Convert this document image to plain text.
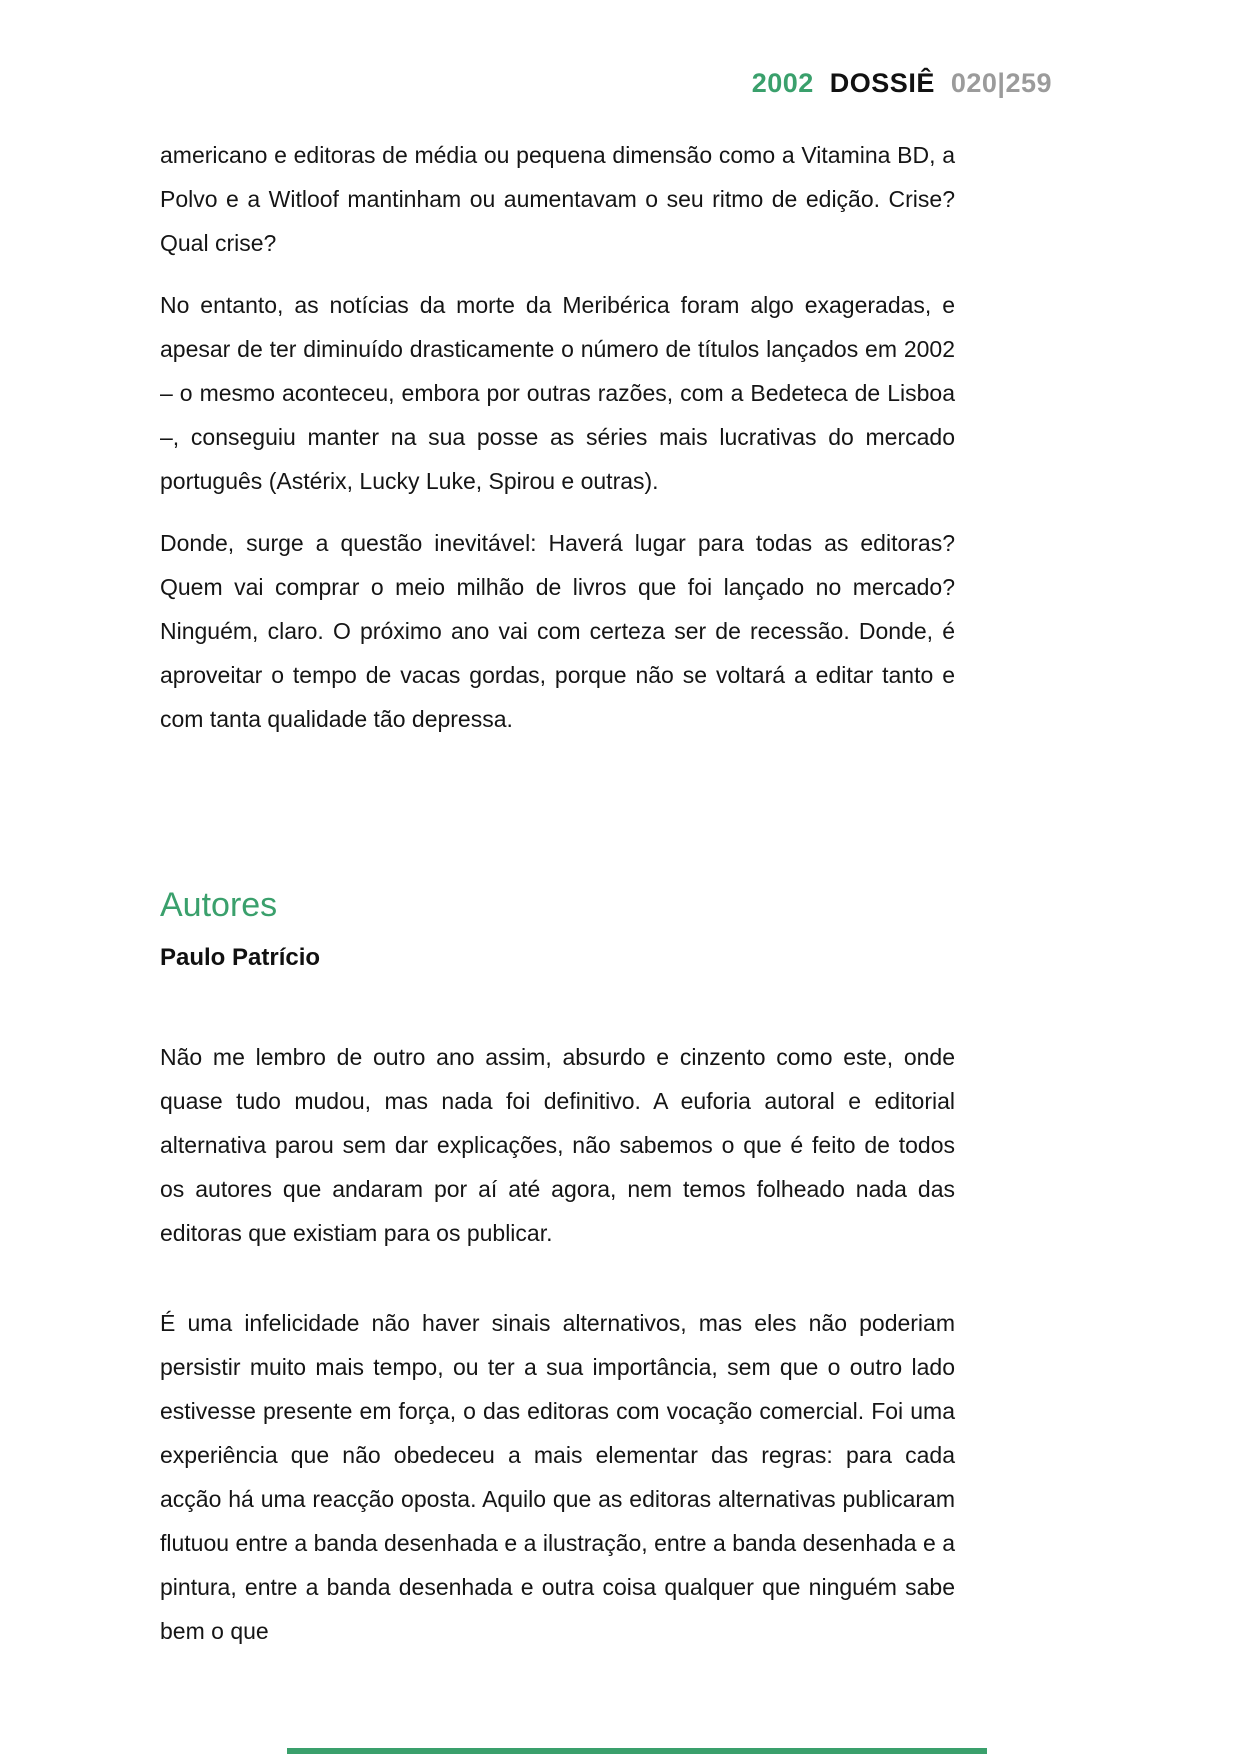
2002 DOSSIÊ 020|259

americano e editoras de média ou pequena dimensão como a Vitamina BD, a Polvo e a Witloof mantinham ou aumentavam o seu ritmo de edição. Crise? Qual crise?

No entanto, as notícias da morte da Meribérica foram algo exageradas, e apesar de ter diminuído drasticamente o número de títulos lançados em 2002 – o mesmo aconteceu, embora por outras razões, com a Bedeteca de Lisboa –, conseguiu manter na sua posse as séries mais lucrativas do mercado português (Astérix, Lucky Luke, Spirou e outras).

Donde, surge a questão inevitável: Haverá lugar para todas as editoras? Quem vai comprar o meio milhão de livros que foi lançado no mercado? Ninguém, claro. O próximo ano vai com certeza ser de recessão. Donde, é aproveitar o tempo de vacas gordas, porque não se voltará a editar tanto e com tanta qualidade tão depressa.

Autores
Paulo Patrício

Não me lembro de outro ano assim, absurdo e cinzento como este, onde quase tudo mudou, mas nada foi definitivo. A euforia autoral e editorial alternativa parou sem dar explicações, não sabemos o que é feito de todos os autores que andaram por aí até agora, nem temos folheado nada das editoras que existiam para os publicar.

É uma infelicidade não haver sinais alternativos, mas eles não poderiam persistir muito mais tempo, ou ter a sua importância, sem que o outro lado estivesse presente em força, o das editoras com vocação comercial. Foi uma experiência que não obedeceu a mais elementar das regras: para cada acção há uma reacção oposta. Aquilo que as editoras alternativas publicaram flutuou entre a banda desenhada e a ilustração, entre a banda desenhada e a pintura, entre a banda desenhada e outra coisa qualquer que ninguém sabe bem o que
